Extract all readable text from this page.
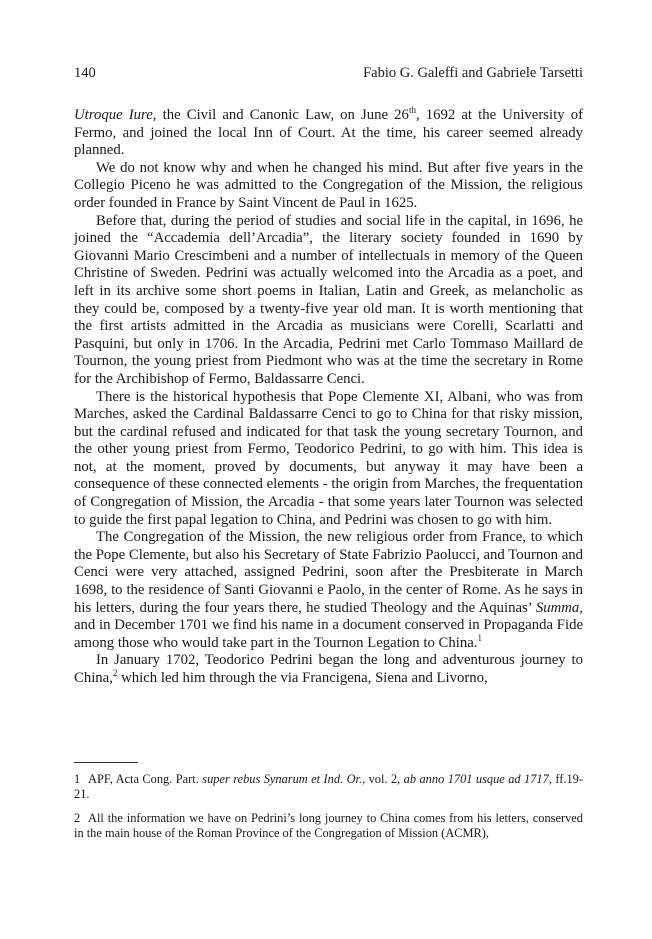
140	Fabio G. Galeffi and Gabriele Tarsetti

Utroque Iure, the Civil and Canonic Law, on June 26th, 1692 at the University of Fermo, and joined the local Inn of Court. At the time, his career seemed already planned.

We do not know why and when he changed his mind. But after five years in the Collegio Piceno he was admitted to the Congregation of the Mission, the religious order founded in France by Saint Vincent de Paul in 1625.

Before that, during the period of studies and social life in the capital, in 1696, he joined the “Accademia dell’Arcadia”, the literary society founded in 1690 by Giovanni Mario Crescimbeni and a number of intellectuals in memory of the Queen Christine of Sweden. Pedrini was actually welcomed into the Arcadia as a poet, and left in its archive some short poems in Italian, Latin and Greek, as melancholic as they could be, composed by a twenty-five year old man. It is worth mentioning that the first artists admitted in the Arcadia as musicians were Corelli, Scarlatti and Pasquini, but only in 1706. In the Arcadia, Pedrini met Carlo Tommaso Maillard de Tournon, the young priest from Piedmont who was at the time the secretary in Rome for the Archibishop of Fermo, Baldassarre Cenci.

There is the historical hypothesis that Pope Clemente XI, Albani, who was from Marches, asked the Cardinal Baldassarre Cenci to go to China for that risky mission, but the cardinal refused and indicated for that task the young secretary Tournon, and the other young priest from Fermo, Teodorico Pedrini, to go with him. This idea is not, at the moment, proved by documents, but anyway it may have been a consequence of these connected elements - the origin from Marches, the frequentation of Congregation of Mission, the Arcadia - that some years later Tournon was selected to guide the first papal legation to China, and Pedrini was chosen to go with him.

The Congregation of the Mission, the new religious order from France, to which the Pope Clemente, but also his Secretary of State Fabrizio Paolucci, and Tournon and Cenci were very attached, assigned Pedrini, soon after the Presbiterate in March 1698, to the residence of Santi Giovanni e Paolo, in the center of Rome. As he says in his letters, during the four years there, he studied Theology and the Aquinas’ Summa, and in December 1701 we find his name in a document conserved in Propaganda Fide among those who would take part in the Tournon Legation to China.$^1$

In January 1702, Teodorico Pedrini began the long and adventurous journey to China,$^2$ which led him through the via Francigena, Siena and Livorno,

1 APF, Acta Cong. Part. super rebus Synarum et Ind. Or., vol. 2, ab anno 1701 usque ad 1717, ff.19-21.
2 All the information we have on Pedrini’s long journey to China comes from his letters, conserved in the main house of the Roman Province of the Congregation of Mission (ACMR),
